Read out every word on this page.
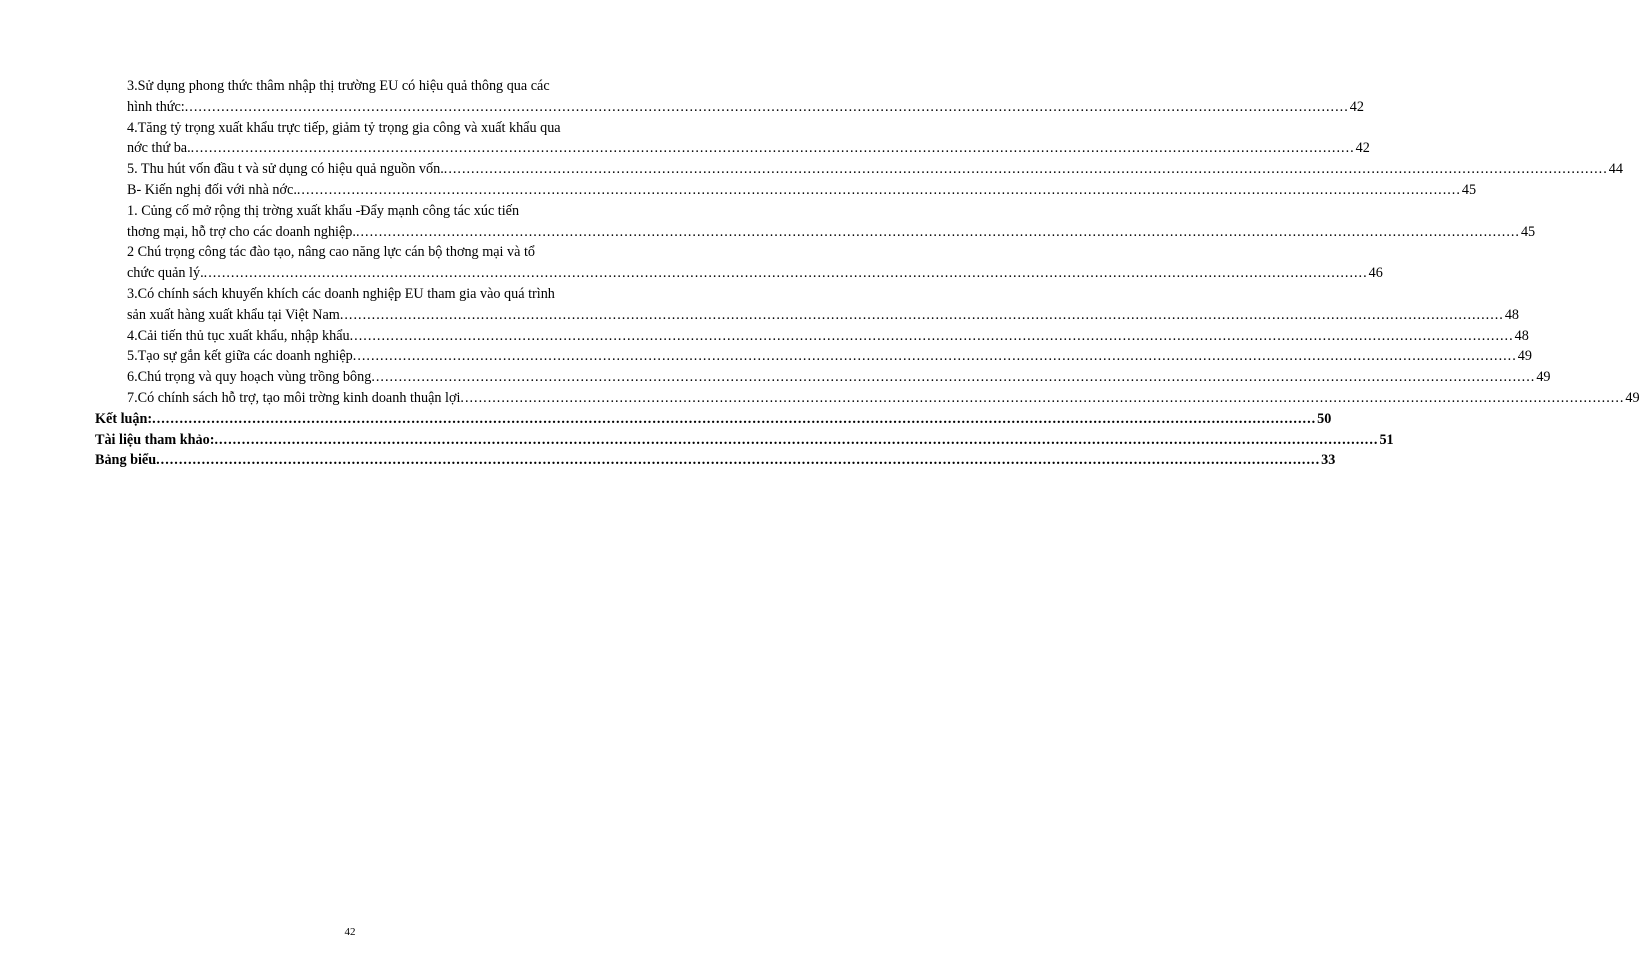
3.Sử dụng phong thức thâm nhập thị trường EU có hiệu quả thông qua các
hình thức: .....	42
4.Tăng tỷ trọng xuất khẩu trực tiếp, giảm tỷ trọng gia công và xuất khẩu qua
nớc thứ ba. .....	42
5. Thu hút vốn đầu t và sử dụng có hiệu quả nguồn vốn. .....	44
B- Kiến nghị đối với nhà nớc. .....	45
1. Củng cố mở rộng thị trờng xuất khẩu -Đẩy mạnh công tác xúc tiến
thơng mại, hỗ trợ cho các doanh nghiệp. .....	45
2 Chú trọng công tác đào tạo, nâng cao năng lực cán bộ thơng mại và tổ
chức quản lý. .....	46
3.Có chính sách khuyến khích các doanh nghiệp EU tham gia vào quá trình
sản xuất hàng xuất khẩu tại Việt Nam .....	48
4.Cải tiến thủ tục xuất khẩu, nhập khẩu .....	48
5.Tạo sự gắn kết giữa các doanh nghiệp .....	49
6.Chú trọng và quy hoạch vùng trồng bông .....	49
7.Có chính sách hỗ trợ, tạo môi trờng kinh doanh thuận lợi .....	49
Kết luận: .....	50
Tài liệu tham khảo: .....	51
Bảng biểu .....	33
42
